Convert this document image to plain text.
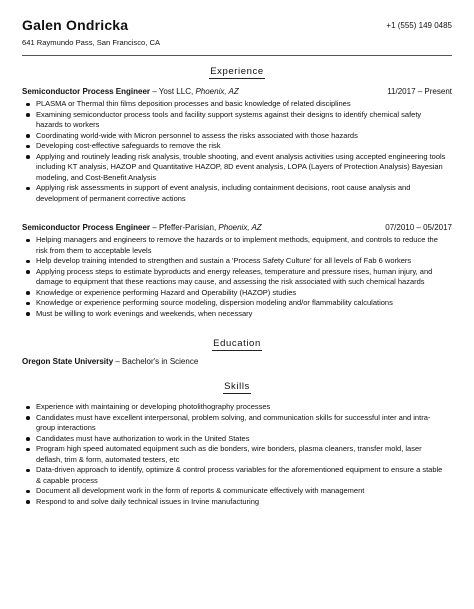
Galen Ondricka
641 Raymundo Pass, San Francisco, CA
+1 (555) 149 0485
Experience
Semiconductor Process Engineer – Yost LLC, Phoenix, AZ	11/2017 – Present
PLASMA or Thermal thin films deposition processes and basic knowledge of related disciplines
Examining semiconductor process tools and facility support systems against their designs to identify chemical safety hazards to workers
Coordinating world-wide with Micron personnel to assess the risks associated with those hazards
Developing cost-effective safeguards to remove the risk
Applying and routinely leading risk analysis, trouble shooting, and event analysis activities using accepted engineering tools including KT analysis, HAZOP and Quantitative HAZOP, 8D event analysis, LOPA (Layers of Protection Analysis) Bayesian modeling, and Cost-Benefit Analysis
Applying risk assessments in support of event analysis, including containment decisions, root cause analysis and development of permanent corrective actions
Semiconductor Process Engineer – Pfeffer-Parisian, Phoenix, AZ	07/2010 – 05/2017
Helping managers and engineers to remove the hazards or to implement methods, equipment, and controls to reduce the risk from them to acceptable levels
Help develop training intended to strengthen and sustain a 'Process Safety Culture' for all levels of Fab 6 workers
Applying process steps to estimate byproducts and energy releases, temperature and pressure rises, human injury, and damage to equipment that these reactions may cause, and assessing the risk associated with such chemical hazards
Knowledge or experience performing Hazard and Operability (HAZOP) studies
Knowledge or experience performing source modeling, dispersion modeling and/or flammability calculations
Must be willing to work evenings and weekends, when necessary
Education
Oregon State University – Bachelor's in Science
Skills
Experience with maintaining or developing photolithography processes
Candidates must have excellent interpersonal, problem solving, and communication skills for successful inter and intra-group interactions
Candidates must have authorization to work in the United States
Program high speed automated equipment such as die bonders, wire bonders, plasma cleaners, transfer mold, laser deflash, trim & form, automated testers, etc
Data-driven approach to identify, optimize & control process variables for the aforementioned equipment to ensure a stable & capable process
Document all development work in the form of reports & communicate effectively with management
Respond to and solve daily technical issues in Irvine manufacturing
